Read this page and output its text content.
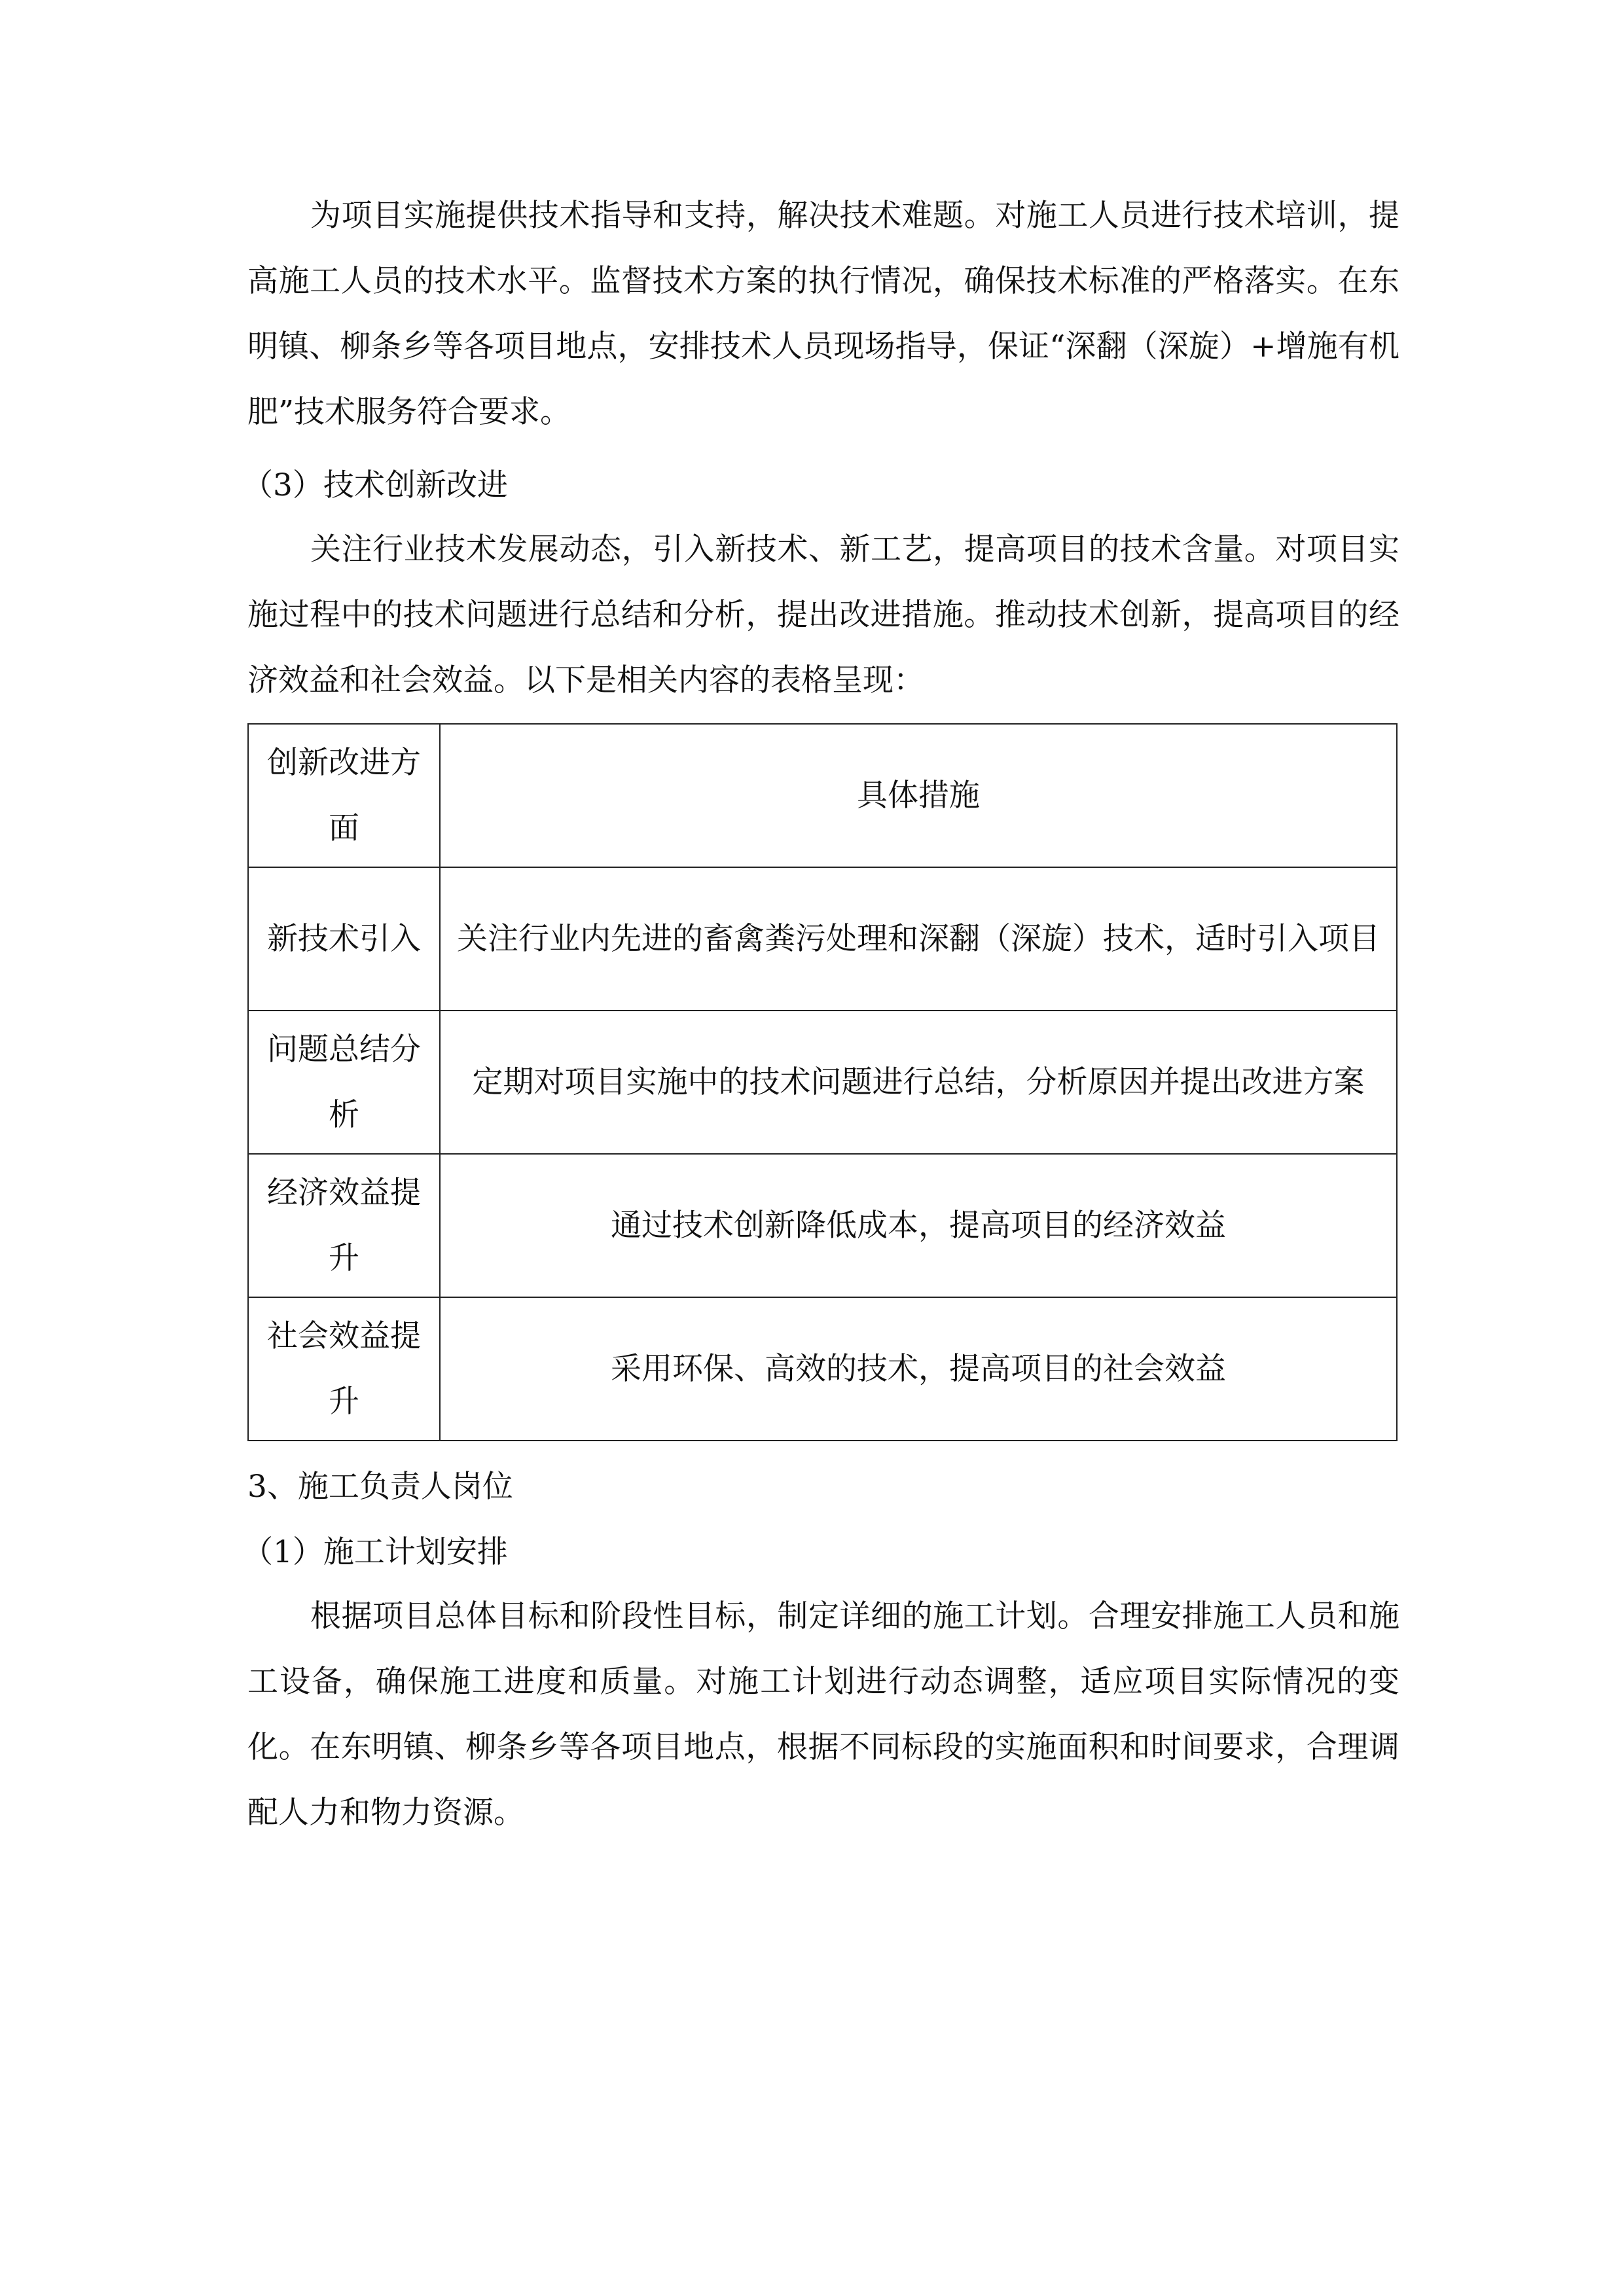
为项目实施提供技术指导和支持，解决技术难题。对施工人员进行技术培训，提高施工人员的技术水平。监督技术方案的执行情况，确保技术标准的严格落实。在东明镇、柳条乡等各项目地点，安排技术人员现场指导，保证“深翻（深旋）+增施有机肥”技术服务符合要求。

（3）技术创新改进

关注行业技术发展动态，引入新技术、新工艺，提高项目的技术含量。对项目实施过程中的技术问题进行总结和分析，提出改进措施。推动技术创新，提高项目的经济效益和社会效益。以下是相关内容的表格呈现：

创新改进方面	具体措施
新技术引入	关注行业内先进的畜禽粪污处理和深翻（深旋）技术，适时引入项目
问题总结分析	定期对项目实施中的技术问题进行总结，分析原因并提出改进方案
经济效益提升	通过技术创新降低成本，提高项目的经济效益
社会效益提升	采用环保、高效的技术，提高项目的社会效益

3、施工负责人岗位

（1）施工计划安排

根据项目总体目标和阶段性目标，制定详细的施工计划。合理安排施工人员和施工设备，确保施工进度和质量。对施工计划进行动态调整，适应项目实际情况的变化。在东明镇、柳条乡等各项目地点，根据不同标段的实施面积和时间要求，合理调配人力和物力资源。
